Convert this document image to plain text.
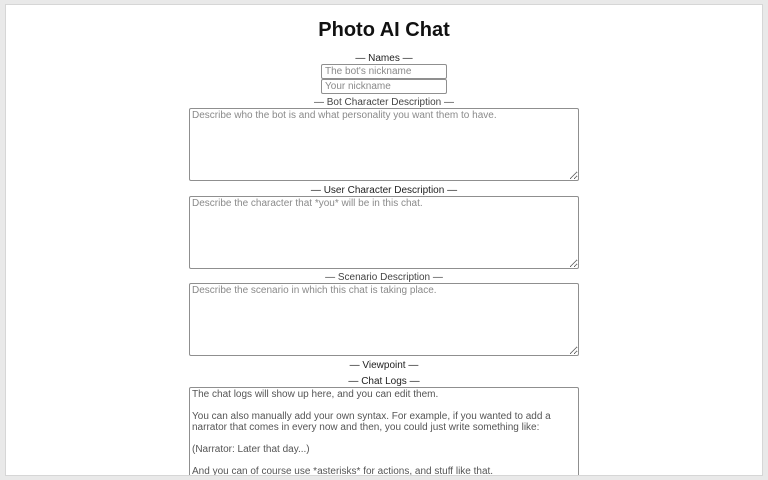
Photo AI Chat
— Names —
The bot's nickname
Your nickname
— Bot Character Description —
Describe who the bot is and what personality you want them to have.
— User Character Description —
Describe the character that *you* will be in this chat.
— Scenario Description —
Describe the scenario in which this chat is taking place.
— Viewpoint —
— Chat Logs —

The chat logs will show up here, and you can edit them.

You can also manually add your own syntax. For example, if you wanted to add a narrator that comes in every now and then, you could just write something like:

(Narrator: Later that day...)

And you can of course use *asterisks* for actions, and stuff like that.
